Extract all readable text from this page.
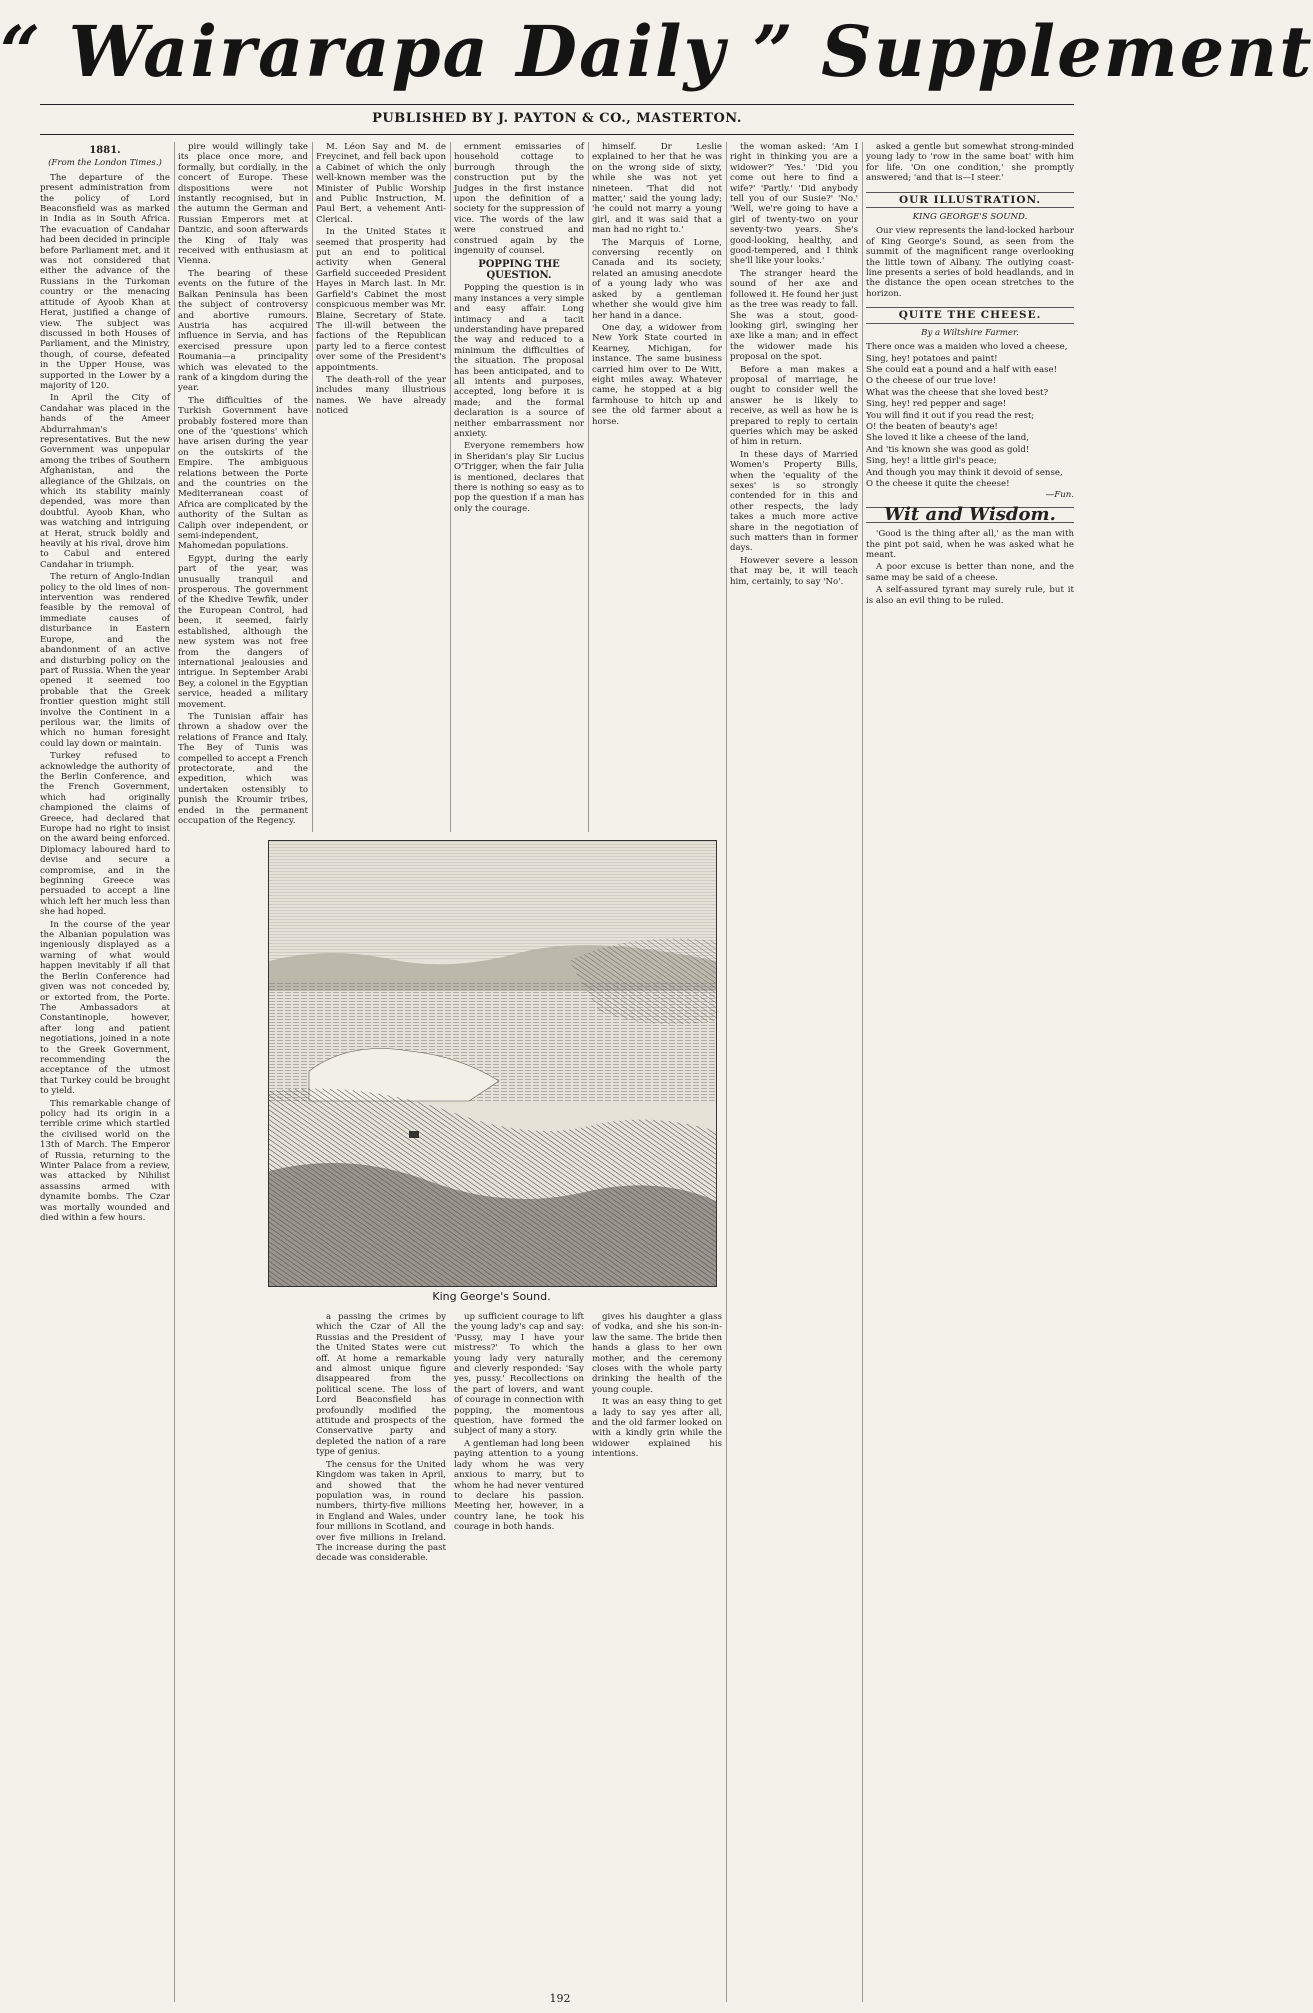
“ Wairarapa Daily ” Supplement
PUBLISHED BY J. PAYTON & CO., MASTERTON.

1881.

(From the London Times.)

The departure of the present administration from the policy of Lord Beaconsfield was as marked in India as in South Africa. The evacuation of Candahar had been decided in principle before Parliament met, and it was not considered that either the advance of the Russians in the Turkoman country or the menacing attitude of Ayoob Khan at Herat, justified a change of view. The subject was discussed in both Houses of Parliament, and the Ministry, though, of course, defeated in the Upper House, was supported in the Lower by a majority of 120.

In April the City of Candahar was placed in the hands of the Ameer Abdurrahman's representatives. But the new Government was unpopular among the tribes of Southern Afghanistan, and the allegiance of the Ghilzais, on which its stability mainly depended, was more than doubtful. Ayoob Khan, who was watching and intriguing at Herat, struck boldly and heavily at his rival, drove him to Cabul and entered Candahar in triumph.

The return of Anglo-Indian policy to the old lines of non-intervention was rendered feasible by the removal of immediate causes of disturbance in Eastern Europe, and the abandonment of an active and disturbing policy on the part of Russia. When the year opened it seemed too probable that the Greek frontier question might still involve the Continent in a perilous war, the limits of which no human foresight could lay down or maintain.

Turkey refused to acknowledge the authority of the Berlin Conference, and the French Government, which had originally championed the claims of Greece, had declared that Europe had no right to insist on the award being enforced. Diplomacy laboured hard to devise and secure a compromise, and in the beginning Greece was persuaded to accept a line which left her much less than she had hoped.

In the course of the year the Albanian population was ingeniously displayed as a warning of what would happen inevitably if all that the Berlin Conference had given was not conceded by, or extorted from, the Porte. The Ambassadors at Constantinople, however, after long and patient negotiations, joined in a note to the Greek Government, recommending the acceptance of the utmost that Turkey could be brought to yield.

This remarkable change of policy had its origin in a terrible crime which startled the civilised world on the 13th of March. The Emperor of Russia, returning to the Winter Palace from a review, was attacked by Nihilist assassins armed with dynamite bombs. The Czar was mortally wounded and died within a few hours.

pire would willingly take its place once more, and formally, but cordially, in the concert of Europe. These dispositions were not instantly recognised, but in the autumn the German and Russian Emperors met at Dantzic, and soon afterwards the King of Italy was received with enthusiasm at Vienna.

The bearing of these events on the future of the Balkan Peninsula has been the subject of controversy and abortive rumours. Austria has acquired influence in Servia, and has exercised pressure upon Roumania—a principality which was elevated to the rank of a kingdom during the year.

The difficulties of the Turkish Government have probably fostered more than one of the 'questions' which have arisen during the year on the outskirts of the Empire. The ambiguous relations between the Porte and the countries on the Mediterranean coast of Africa are complicated by the authority of the Sultan as Caliph over independent, or semi-independent, Mahomedan populations.

Egypt, during the early part of the year, was unusually tranquil and prosperous. The government of the Khedive Tewfik, under the European Control, had been, it seemed, fairly established, although the new system was not free from the dangers of international jealousies and intrigue. In September Arabi Bey, a colonel in the Egyptian service, headed a military movement.

The Tunisian affair has thrown a shadow over the relations of France and Italy. The Bey of Tunis was compelled to accept a French protectorate, and the expedition, which was undertaken ostensibly to punish the Kroumir tribes, ended in the permanent occupation of the Regency.

M. Léon Say and M. de Freycinet, and fell back upon a Cabinet of which the only well-known member was the Minister of Public Worship and Public Instruction, M. Paul Bert, a vehement Anti-Clerical.

In the United States it seemed that prosperity had put an end to political activity when General Garfield succeeded President Hayes in March last. In Mr. Garfield's Cabinet the most conspicuous member was Mr. Blaine, Secretary of State. The ill-will between the factions of the Republican party led to a fierce contest over some of the President's appointments.

The death-roll of the year includes many illustrious names. We have already noticed

a passing the crimes by which the Czar of All the Russias and the President of the United States were cut off. At home a remarkable and almost unique figure disappeared from the political scene. The loss of Lord Beaconsfield has profoundly modified the attitude and prospects of the Conservative party and depleted the nation of a rare type of genius.

The census for the United Kingdom was taken in April, and showed that the population was, in round numbers, thirty-five millions in England and Wales, under four millions in Scotland, and over five millions in Ireland. The increase during the past decade was considerable.

ernment emissaries of household cottage to burrough through the construction put by the Judges in the first instance upon the definition of a society for the suppression of vice. The words of the law were construed and construed again by the ingenuity of counsel.

POPPING THE QUESTION.

Popping the question is in many instances a very simple and easy affair. Long intimacy and a tacit understanding have prepared the way and reduced to a minimum the difficulties of the situation. The proposal has been anticipated, and to all intents and purposes, accepted, long before it is made; and the formal declaration is a source of neither embarrassment nor anxiety.

Everyone remembers how in Sheridan's play Sir Lucius O'Trigger, when the fair Julia is mentioned, declares that there is nothing so easy as to pop the question if a man has only the courage.

up sufficient courage to lift the young lady's cap and say: 'Pussy, may I have your mistress?' To which the young lady very naturally and cleverly responded: 'Say yes, pussy.' Recollections on the part of lovers, and want of courage in connection with popping, the momentous question, have formed the subject of many a story.

A gentleman had long been paying attention to a young lady whom he was very anxious to marry, but to whom he had never ventured to declare his passion. Meeting her, however, in a country lane, he took his courage in both hands.

himself. Dr Leslie explained to her that he was on the wrong side of sixty, while she was not yet nineteen. 'That did not matter,' said the young lady; 'he could not marry a young girl, and it was said that a man had no right to.'

The Marquis of Lorne, conversing recently on Canada and its society, related an amusing anecdote of a young lady who was asked by a gentleman whether she would give him her hand in a dance.

One day, a widower from New York State courted in Kearney, Michigan, for instance. The same business carried him over to De Witt, eight miles away. Whatever came, he stopped at a big farmhouse to hitch up and see the old farmer about a horse.

gives his daughter a glass of vodka, and she his son-in-law the same. The bride then hands a glass to her own mother, and the ceremony closes with the whole party drinking the health of the young couple.

It was an easy thing to get a lady to say yes after all, and the old farmer looked on with a kindly grin while the widower explained his intentions.

the woman asked: 'Am I right in thinking you are a widower?' 'Yes.' 'Did you come out here to find a wife?' 'Partly.' 'Did anybody tell you of our Susie?' 'No.' 'Well, we're going to have a girl of twenty-two on your seventy-two years. She's good-looking, healthy, and good-tempered, and I think she'll like your looks.'

The stranger heard the sound of her axe and followed it. He found her just as the tree was ready to fall. She was a stout, good-looking girl, swinging her axe like a man; and in effect the widower made his proposal on the spot.

Before a man makes a proposal of marriage, he ought to consider well the answer he is likely to receive, as well as how he is prepared to reply to certain queries which may be asked of him in return.

In these days of Married Women's Property Bills, when the 'equality of the sexes' is so strongly contended for in this and other respects, the lady takes a much more active share in the negotiation of such matters than in former days.

However severe a lesson that may be, it will teach him, certainly, to say 'No'.

asked a gentle but somewhat strong-minded young lady to 'row in the same boat' with him for life. 'On one condition,' she promptly answered; 'and that is—I steer.'

OUR ILLUSTRATION.

KING GEORGE'S SOUND.

Our view represents the land-locked harbour of King George's Sound, as seen from the summit of the magnificent range overlooking the little town of Albany. The outlying coast-line presents a series of bold headlands, and in the distance the open ocean stretches to the horizon.

QUITE THE CHEESE.

By a Wiltshire Farmer.

There once was a maiden who loved a cheese,

Sing, hey! potatoes and paint!

She could eat a pound and a half with ease!

O the cheese of our true love!

What was the cheese that she loved best?

Sing, hey! red pepper and sage!

You will find it out if you read the rest;

O! the beaten of beauty's age!

She loved it like a cheese of the land,

And 'tis known she was good as gold!

Sing, hey! a little girl's peace;

And though you may think it devoid of sense,

O the cheese it quite the cheese!

—Fun.

Wit and Wisdom.

'Good is the thing after all,' as the man with the pint pot said, when he was asked what he meant.

A poor excuse is better than none, and the same may be said of a cheese.

A self-assured tyrant may surely rule, but it is also an evil thing to be ruled.

King George's Sound.
192
